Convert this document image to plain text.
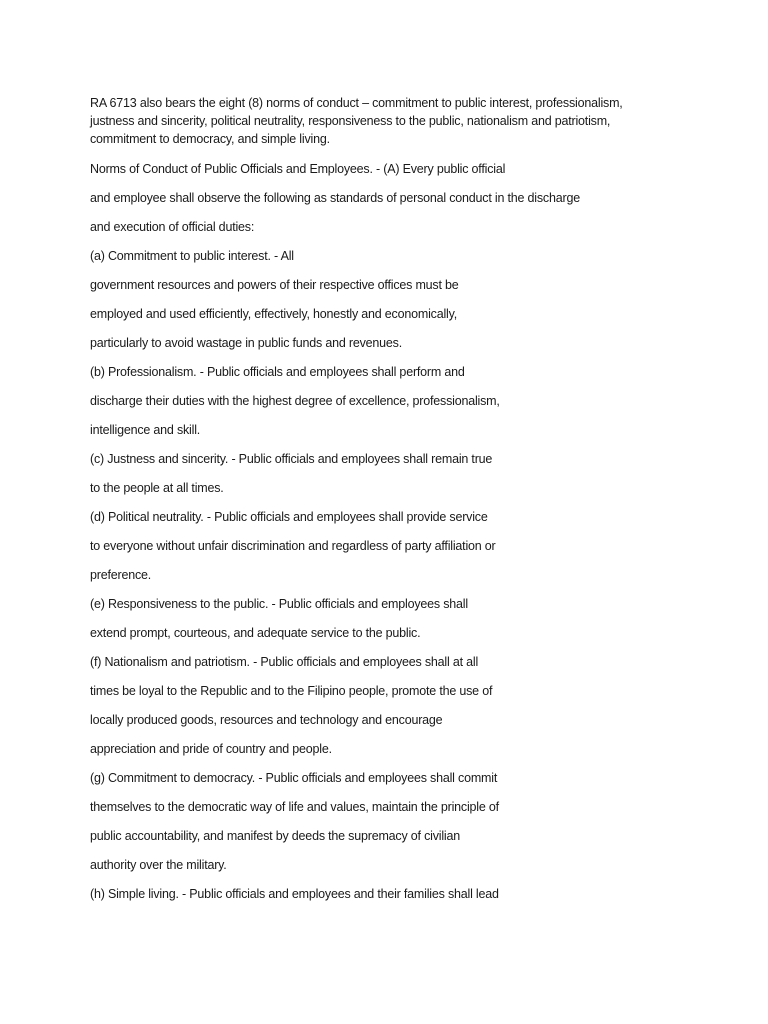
RA 6713 also bears the eight (8) norms of conduct – commitment to public interest, professionalism,
justness and sincerity, political neutrality, responsiveness to the public, nationalism and patriotism,
commitment to democracy, and simple living.
Norms of Conduct of Public Officials and Employees. - (A) Every public official
and employee shall observe the following as standards of personal conduct in the discharge
and execution of official duties:
(a) Commitment to public interest. - All
government resources and powers of their respective offices must be
employed and used efficiently, effectively, honestly and economically,
particularly to avoid wastage in public funds and revenues.
(b) Professionalism. - Public officials and employees shall perform and
discharge their duties with the highest degree of excellence, professionalism,
intelligence and skill.
(c) Justness and sincerity. - Public officials and employees shall remain true
to the people at all times.
(d) Political neutrality. - Public officials and employees shall provide service
to everyone without unfair discrimination and regardless of party affiliation or
preference.
(e) Responsiveness to the public. - Public officials and employees shall
extend prompt, courteous, and adequate service to the public.
(f) Nationalism and patriotism. - Public officials and employees shall at all
times be loyal to the Republic and to the Filipino people, promote the use of
locally produced goods, resources and technology and encourage
appreciation and pride of country and people.
(g) Commitment to democracy. - Public officials and employees shall commit
themselves to the democratic way of life and values, maintain the principle of
public accountability, and manifest by deeds the supremacy of civilian
authority over the military.
(h) Simple living. - Public officials and employees and their families shall lead
